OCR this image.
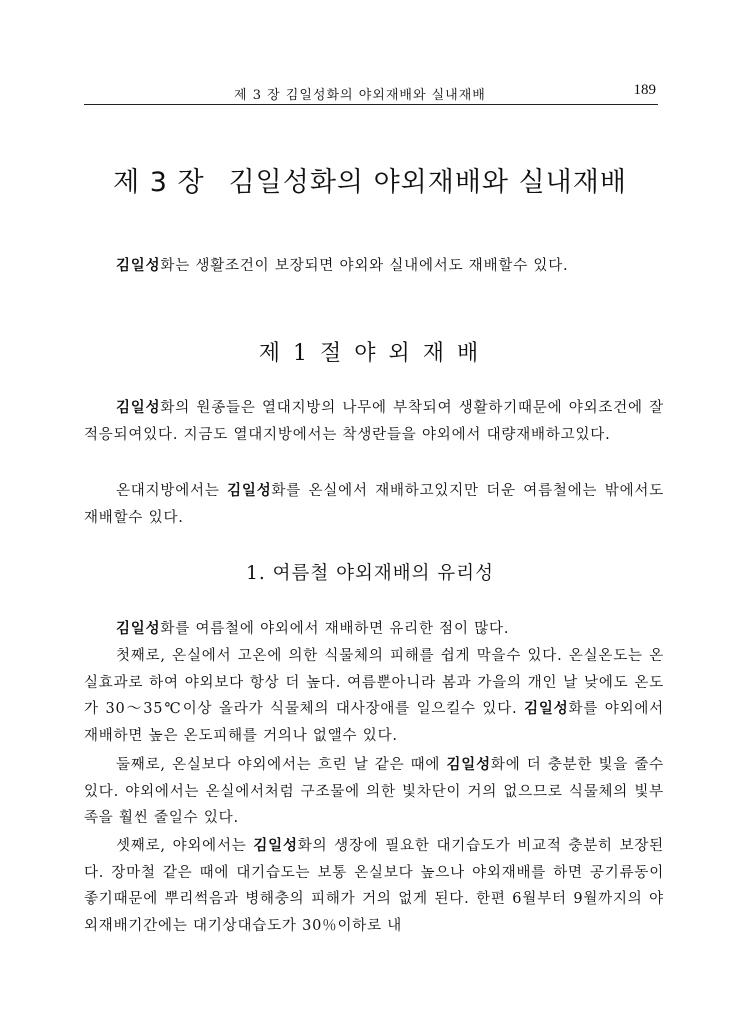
제 3 장 김일성화의 야외재배와 실내재배	189
제 3 장 김일성화의 야외재배와 실내재배

김일성화는 생활조건이 보장되면 야외와 실내에서도 재배할수 있다.

제 1 절 야 외 재 배

김일성화의 원종들은 열대지방의 나무에 부착되여 생활하기때문에 야외조건에 잘 적응되여있다. 지금도 열대지방에서는 착생란들을 야외에서 대량재배하고있다.

온대지방에서는 김일성화를 온실에서 재배하고있지만 더운 여름철에는 밖에서도 재배할수 있다.

1. 여름철 야외재배의 유리성

김일성화를 여름철에 야외에서 재배하면 유리한 점이 많다.

첫째로, 온실에서 고온에 의한 식물체의 피해를 쉽게 막을수 있다. 온실온도는 온실효과로 하여 야외보다 항상 더 높다. 여름뿐아니라 봄과 가을의 개인 날 낮에도 온도가 30～35℃이상 올라가 식물체의 대사장애를 일으킬수 있다. 김일성화를 야외에서 재배하면 높은 온도피해를 거의나 없앨수 있다.

둘째로, 온실보다 야외에서는 흐린 날 같은 때에 김일성화에 더 충분한 빛을 줄수 있다. 야외에서는 온실에서처럼 구조물에 의한 빛차단이 거의 없으므로 식물체의 빛부족을 훨씬 줄일수 있다.

셋째로, 야외에서는 김일성화의 생장에 필요한 대기습도가 비교적 충분히 보장된다. 장마철 같은 때에 대기습도는 보통 온실보다 높으나 야외재배를 하면 공기류동이 좋기때문에 뿌리썩음과 병해충의 피해가 거의 없게 된다. 한편 6월부터 9월까지의 야외재배기간에는 대기상대습도가 30％이하로 내
